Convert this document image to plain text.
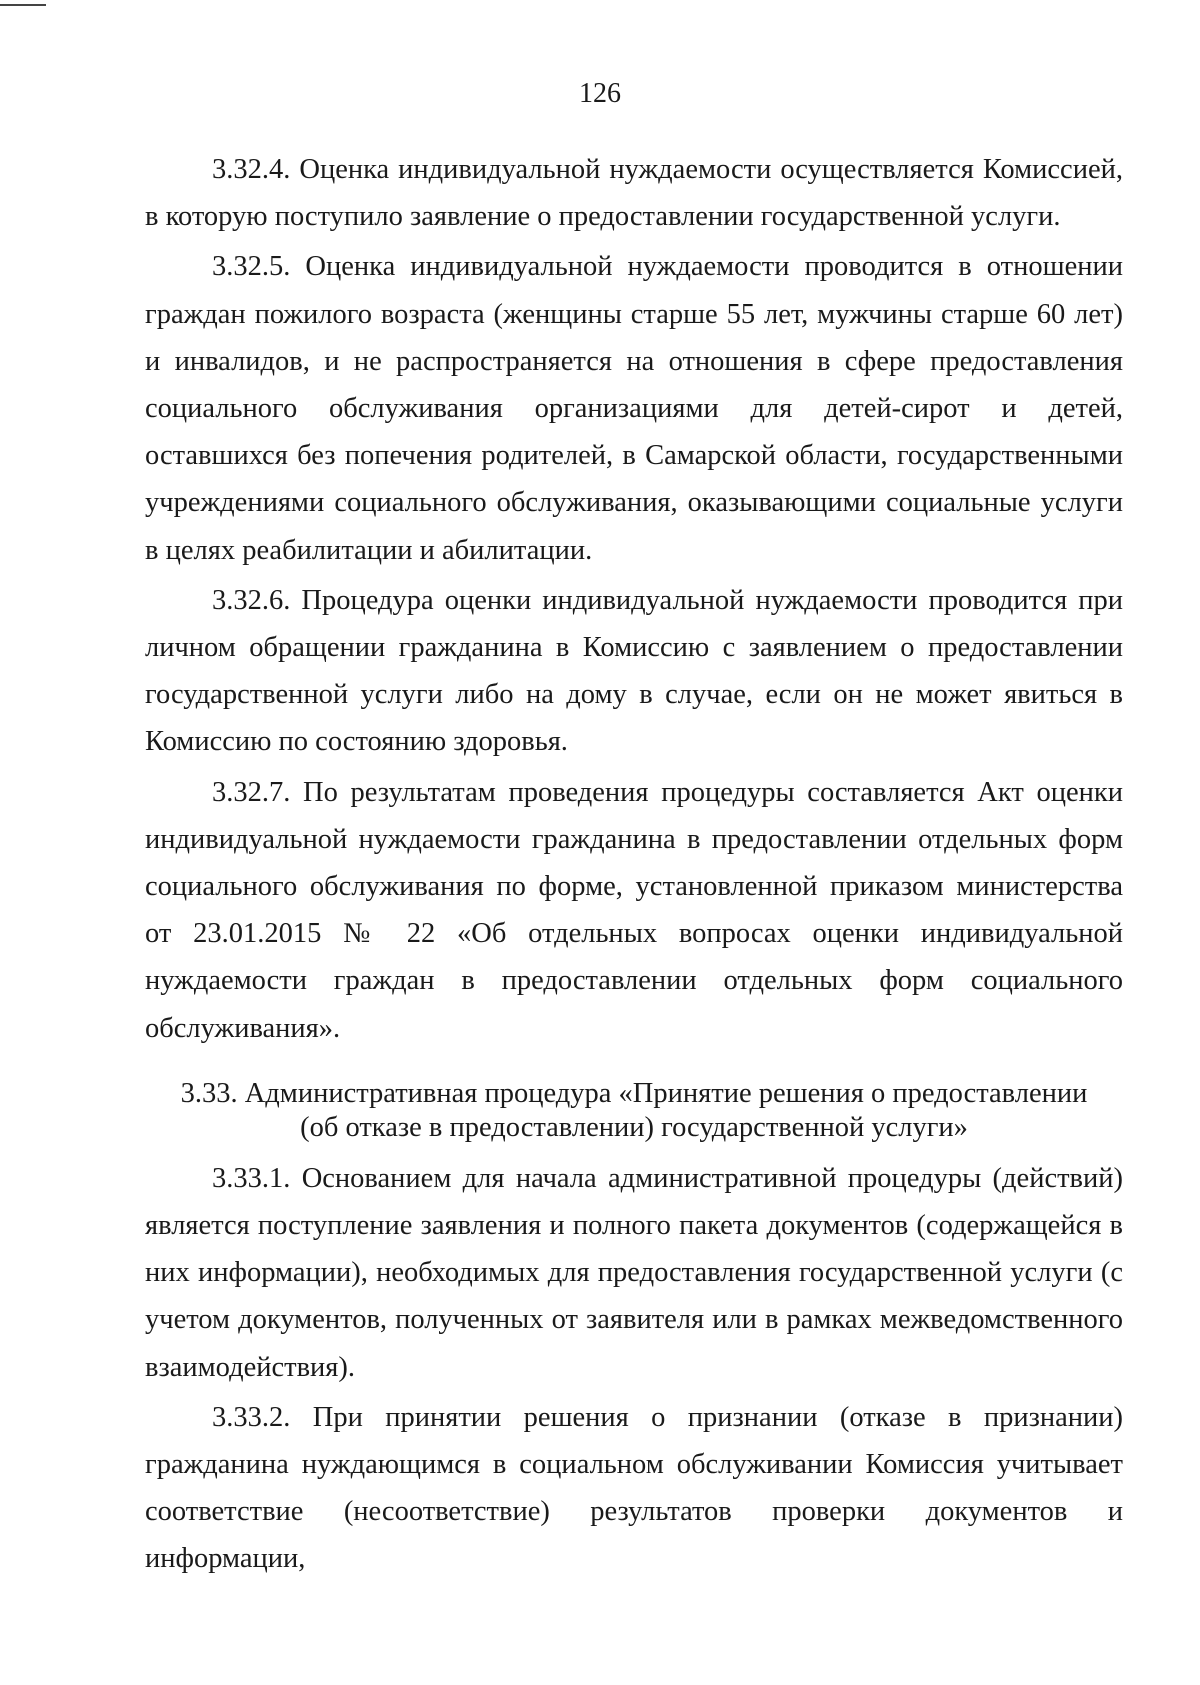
126

3.32.4. Оценка индивидуальной нуждаемости осуществляется Комиссией, в которую поступило заявление о предоставлении государственной услуги.

3.32.5. Оценка индивидуальной нуждаемости проводится в отношении граждан пожилого возраста (женщины старше 55 лет, мужчины старше 60 лет) и инвалидов, и не распространяется на отношения в сфере предоставления социального обслуживания организациями для детей-сирот и детей, оставшихся без попечения родителей, в Самарской области, государственными учреждениями социального обслуживания, оказывающими социальные услуги в целях реабилитации и абилитации.

3.32.6. Процедура оценки индивидуальной нуждаемости проводится при личном обращении гражданина в Комиссию с заявлением о предоставлении государственной услуги либо на дому в случае, если он не может явиться в Комиссию по состоянию здоровья.

3.32.7. По результатам проведения процедуры составляется Акт оценки индивидуальной нуждаемости гражданина в предоставлении отдельных форм социального обслуживания по форме, установленной приказом министерства от 23.01.2015 № 22 «Об отдельных вопросах оценки индивидуальной нуждаемости граждан в предоставлении отдельных форм социального обслуживания».

3.33. Административная процедура «Принятие решения о предоставлении
(об отказе в предоставлении) государственной услуги»

3.33.1. Основанием для начала административной процедуры (действий) является поступление заявления и полного пакета документов (содержащейся в них информации), необходимых для предоставления государственной услуги (с учетом документов, полученных от заявителя или в рамках межведомственного взаимодействия).

3.33.2. При принятии решения о признании (отказе в признании) гражданина нуждающимся в социальном обслуживании Комиссия учитывает соответствие (несоответствие) результатов проверки документов и информации,
